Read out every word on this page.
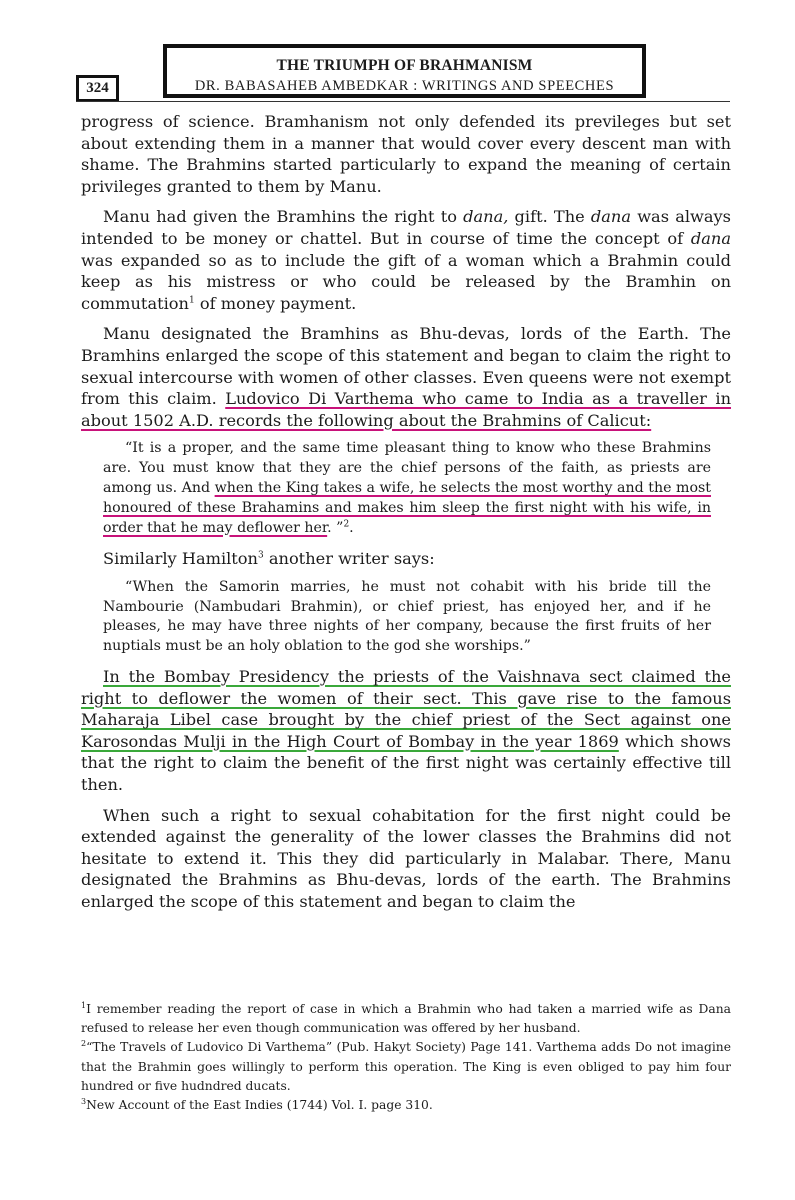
THE TRIUMPH OF BRAHMANISM
DR. BABASAHEB AMBEDKAR : WRITINGS AND SPEECHES
324

progress of science. Bramhanism not only defended its previleges but set about extending them in a manner that would cover every descent man with shame. The Brahmins started particularly to expand the meaning of certain privileges granted to them by Manu.

Manu had given the Bramhins the right to dana, gift. The dana was always intended to be money or chattel. But in course of time the concept of dana was expanded so as to include the gift of a woman which a Brahmin could keep as his mistress or who could be released by the Bramhin on commutation$^1$ of money payment.

Manu designated the Bramhins as Bhu-devas, lords of the Earth. The Bramhins enlarged the scope of this statement and began to claim the right to sexual intercourse with women of other classes. Even queens were not exempt from this claim. Ludovico Di Varthema who came to India as a traveller in about 1502 A.D. records the following about the Brahmins of Calicut:

“It is a proper, and the same time pleasant thing to know who these Brahmins are. You must know that they are the chief persons of the faith, as priests are among us. And when the King takes a wife, he selects the most worthy and the most honoured of these Brahamins and makes him sleep the first night with his wife, in order that he may deflower her. ”$^2$.

Similarly Hamilton$^3$ another writer says:

“When the Samorin marries, he must not cohabit with his bride till the Nambourie (Nambudari Brahmin), or chief priest, has enjoyed her, and if he pleases, he may have three nights of her company, because the first fruits of her nuptials must be an holy oblation to the god she worships.”

In the Bombay Presidency the priests of the Vaishnava sect claimed the right to deflower the women of their sect. This gave rise to the famous Maharaja Libel case brought by the chief priest of the Sect against one Karosondas Mulji in the High Court of Bombay in the year 1869 which shows that the right to claim the benefit of the first night was certainly effective till then.

When such a right to sexual cohabitation for the first night could be extended against the generality of the lower classes the Brahmins did not hesitate to extend it. This they did particularly in Malabar. There, Manu designated the Brahmins as Bhu-devas, lords of the earth. The Brahmins enlarged the scope of this statement and began to claim the

$^1$I remember reading the report of case in which a Brahmin who had taken a married wife as Dana refused to release her even though communication was offered by her husband.

$^2$“The Travels of Ludovico Di Varthema” (Pub. Hakyt Society) Page 141. Varthema adds Do not imagine that the Brahmin goes willingly to perform this operation. The King is even obliged to pay him four hundred or five hudndred ducats.

$^3$New Account of the East Indies (1744) Vol. I. page 310.
